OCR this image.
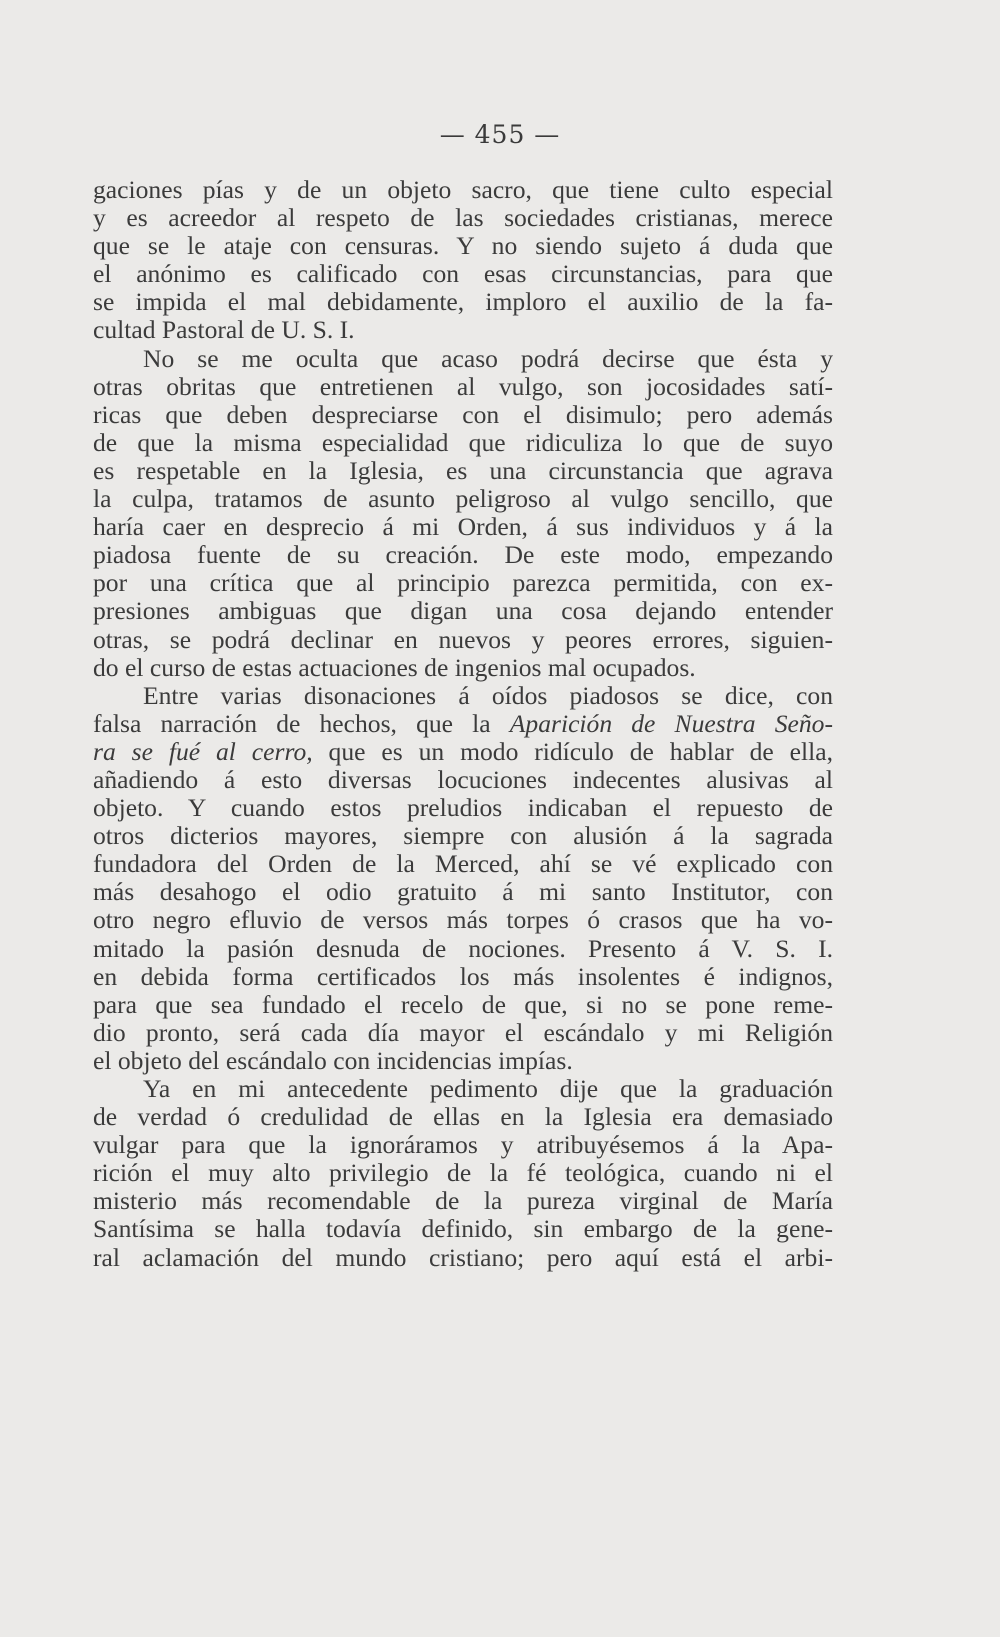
— 455 —
gaciones pías y de un objeto sacro, que tiene culto especial
y es acreedor al respeto de las sociedades cristianas, merece
que se le ataje con censuras. Y no siendo sujeto á duda que
el anónimo es calificado con esas circunstancias, para que
se impida el mal debidamente, imploro el auxilio de la fa-
cultad Pastoral de U. S. I.
No se me oculta que acaso podrá decirse que ésta y
otras obritas que entretienen al vulgo, son jocosidades satí-
ricas que deben despreciarse con el disimulo; pero además
de que la misma especialidad que ridiculiza lo que de suyo
es respetable en la Iglesia, es una circunstancia que agrava
la culpa, tratamos de asunto peligroso al vulgo sencillo, que
haría caer en desprecio á mi Orden, á sus individuos y á la
piadosa fuente de su creación. De este modo, empezando
por una crítica que al principio parezca permitida, con ex-
presiones ambiguas que digan una cosa dejando entender
otras, se podrá declinar en nuevos y peores errores, siguien-
do el curso de estas actuaciones de ingenios mal ocupados.
Entre varias disonaciones á oídos piadosos se dice, con
falsa narración de hechos, que la Aparición de Nuestra Seño-
ra se fué al cerro, que es un modo ridículo de hablar de ella,
añadiendo á esto diversas locuciones indecentes alusivas al
objeto. Y cuando estos preludios indicaban el repuesto de
otros dicterios mayores, siempre con alusión á la sagrada
fundadora del Orden de la Merced, ahí se vé explicado con
más desahogo el odio gratuito á mi santo Institutor, con
otro negro efluvio de versos más torpes ó crasos que ha vo-
mitado la pasión desnuda de nociones. Presento á V. S. I.
en debida forma certificados los más insolentes é indignos,
para que sea fundado el recelo de que, si no se pone reme-
dio pronto, será cada día mayor el escándalo y mi Religión
el objeto del escándalo con incidencias impías.
Ya en mi antecedente pedimento dije que la graduación
de verdad ó credulidad de ellas en la Iglesia era demasiado
vulgar para que la ignoráramos y atribuyésemos á la Apa-
rición el muy alto privilegio de la fé teológica, cuando ni el
misterio más recomendable de la pureza virginal de María
Santísima se halla todavía definido, sin embargo de la gene-
ral aclamación del mundo cristiano; pero aquí está el arbi-
